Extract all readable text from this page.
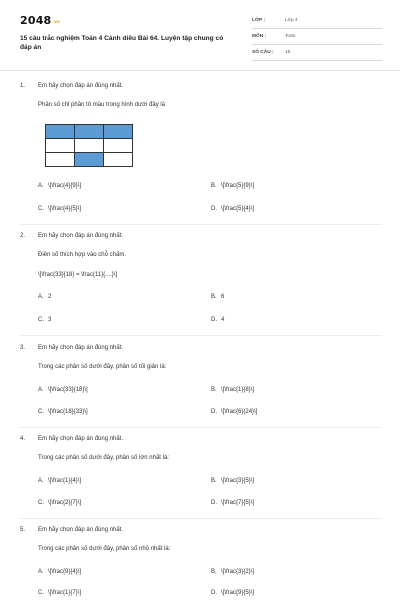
2048.vn
15 câu trắc nghiệm Toán 4 Cánh diều Bài 64. Luyện tập chung có đáp án
LỚP :	Lớp 4
MÔN :	Toán
SỐ CÂU : 15
1. Em hãy chọn đáp án đúng nhất.
Phân số chỉ phần tô màu trong hình dưới đây là

A. \[\frac{4}{9}\]	B. \[\frac{5}{9}\]
C. \[\frac{4}{5}\]	D. \[\frac{5}{4}\]
2. Em hãy chọn đáp án đúng nhất.
Điền số thích hợp vào chỗ chấm.
\[\frac{33}{18} = \frac{11}{....}\]
A. 2	B. 6
C. 3	D. 4
3. Em hãy chọn đáp án đúng nhất.
Trong các phân số dưới đây, phân số tối giản là:
A. \[\frac{33}{18}\]	B. \[\frac{1}{8}\]
C. \[\frac{18}{33}\]	D. \[\frac{6}{24}\]
4. Em hãy chọn đáp án đúng nhất.
Trong các phân số dưới đây, phân số lớn nhất là:
A. \[\frac{1}{4}\]	B. \[\frac{3}{5}\]
C. \[\frac{2}{7}\]	D. \[\frac{7}{5}\]
5. Em hãy chọn đáp án đúng nhất.
Trong các phân số dưới đây, phân số nhỏ nhất là:
A. \[\frac{9}{4}\]	B. \[\frac{3}{2}\]
C. \[\frac{1}{7}\]	D. \[\frac{9}{5}\]
